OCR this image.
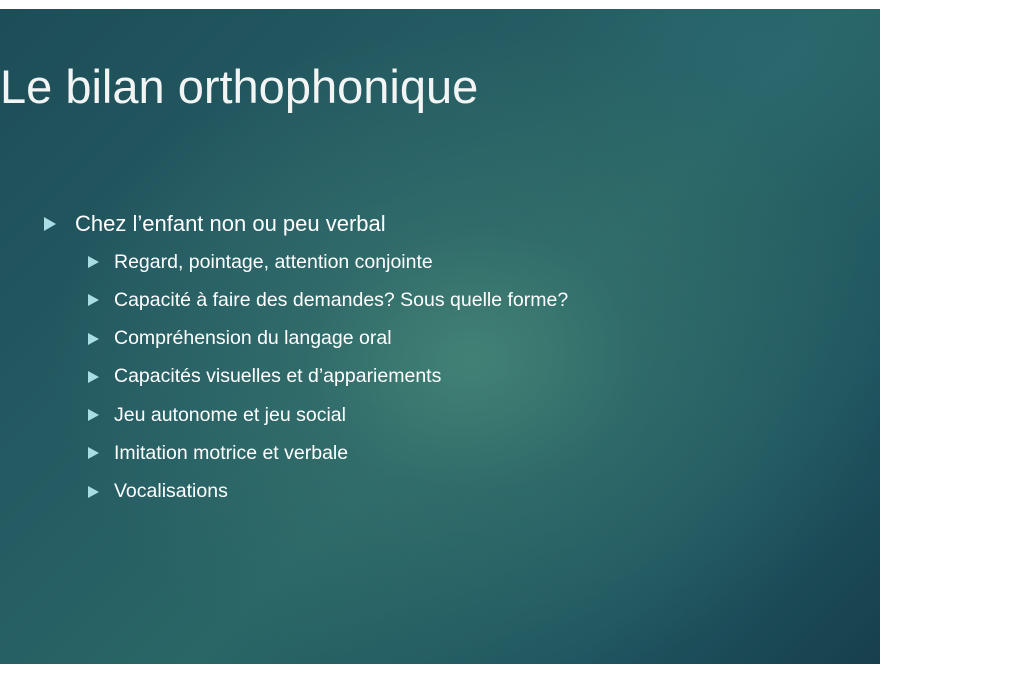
Le bilan orthophonique
Chez l’enfant non ou peu verbal
Regard, pointage, attention conjointe
Capacité à faire des demandes? Sous quelle forme?
Compréhension du langage oral
Capacités visuelles et d’appariements
Jeu autonome et jeu social
Imitation motrice et verbale
Vocalisations
